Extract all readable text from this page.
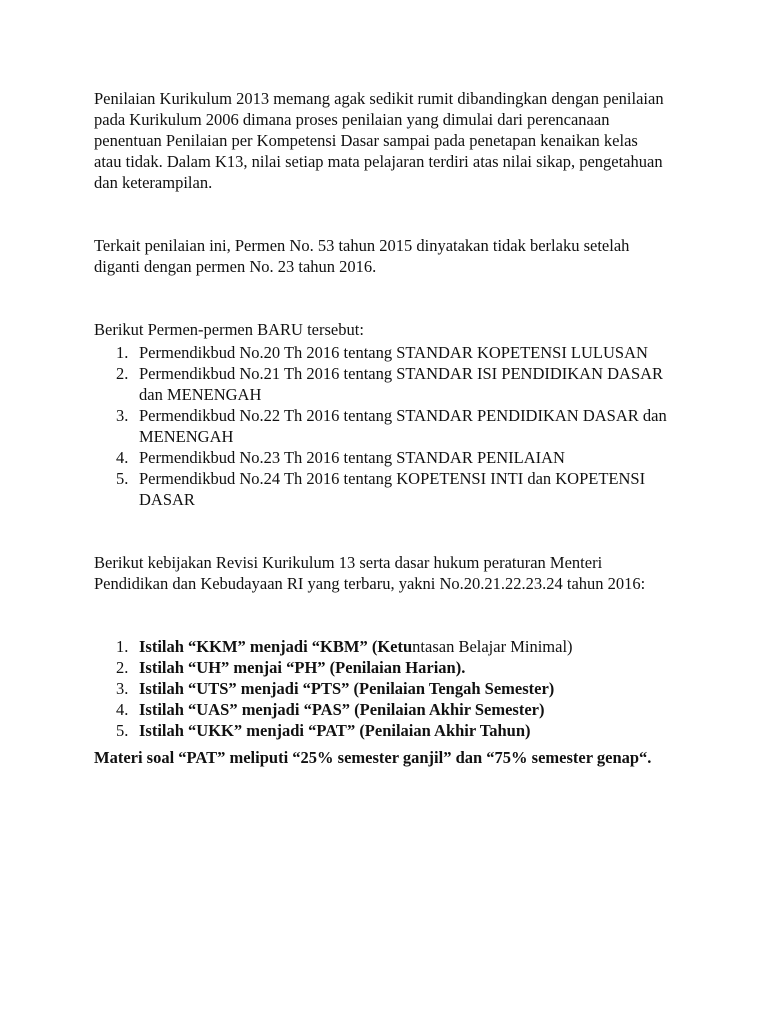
Penilaian Kurikulum 2013 memang agak sedikit rumit dibandingkan dengan penilaian pada Kurikulum 2006 dimana proses penilaian yang dimulai dari perencanaan penentuan Penilaian per Kompetensi Dasar sampai pada penetapan kenaikan kelas atau tidak. Dalam K13, nilai setiap mata pelajaran terdiri atas nilai sikap, pengetahuan dan keterampilan.

Terkait penilaian ini, Permen No. 53 tahun 2015 dinyatakan tidak berlaku setelah diganti dengan permen No. 23 tahun 2016.

Berikut Permen-permen BARU tersebut:

1. Permendikbud No.20 Th 2016 tentang STANDAR KOPETENSI LULUSAN
2. Permendikbud No.21 Th 2016 tentang STANDAR ISI PENDIDIKAN DASAR dan MENENGAH
3. Permendikbud No.22 Th 2016 tentang STANDAR PENDIDIKAN DASAR dan MENENGAH
4. Permendikbud No.23 Th 2016 tentang STANDAR PENILAIAN
5. Permendikbud No.24 Th 2016 tentang KOPETENSI INTI dan KOPETENSI DASAR

Berikut kebijakan Revisi Kurikulum 13 serta dasar hukum peraturan Menteri Pendidikan dan Kebudayaan RI yang terbaru, yakni No.20.21.22.23.24 tahun 2016:

1. Istilah “KKM” menjadi “KBM” (Ketuntasan Belajar Minimal)
2. Istilah “UH” menjai “PH” (Penilaian Harian).
3. Istilah “UTS” menjadi “PTS” (Penilaian Tengah Semester)
4. Istilah “UAS” menjadi “PAS” (Penilaian Akhir Semester)
5. Istilah “UKK” menjadi “PAT” (Penilaian Akhir Tahun)

Materi soal “PAT” meliputi “25% semester ganjil” dan “75% semester genap“.
